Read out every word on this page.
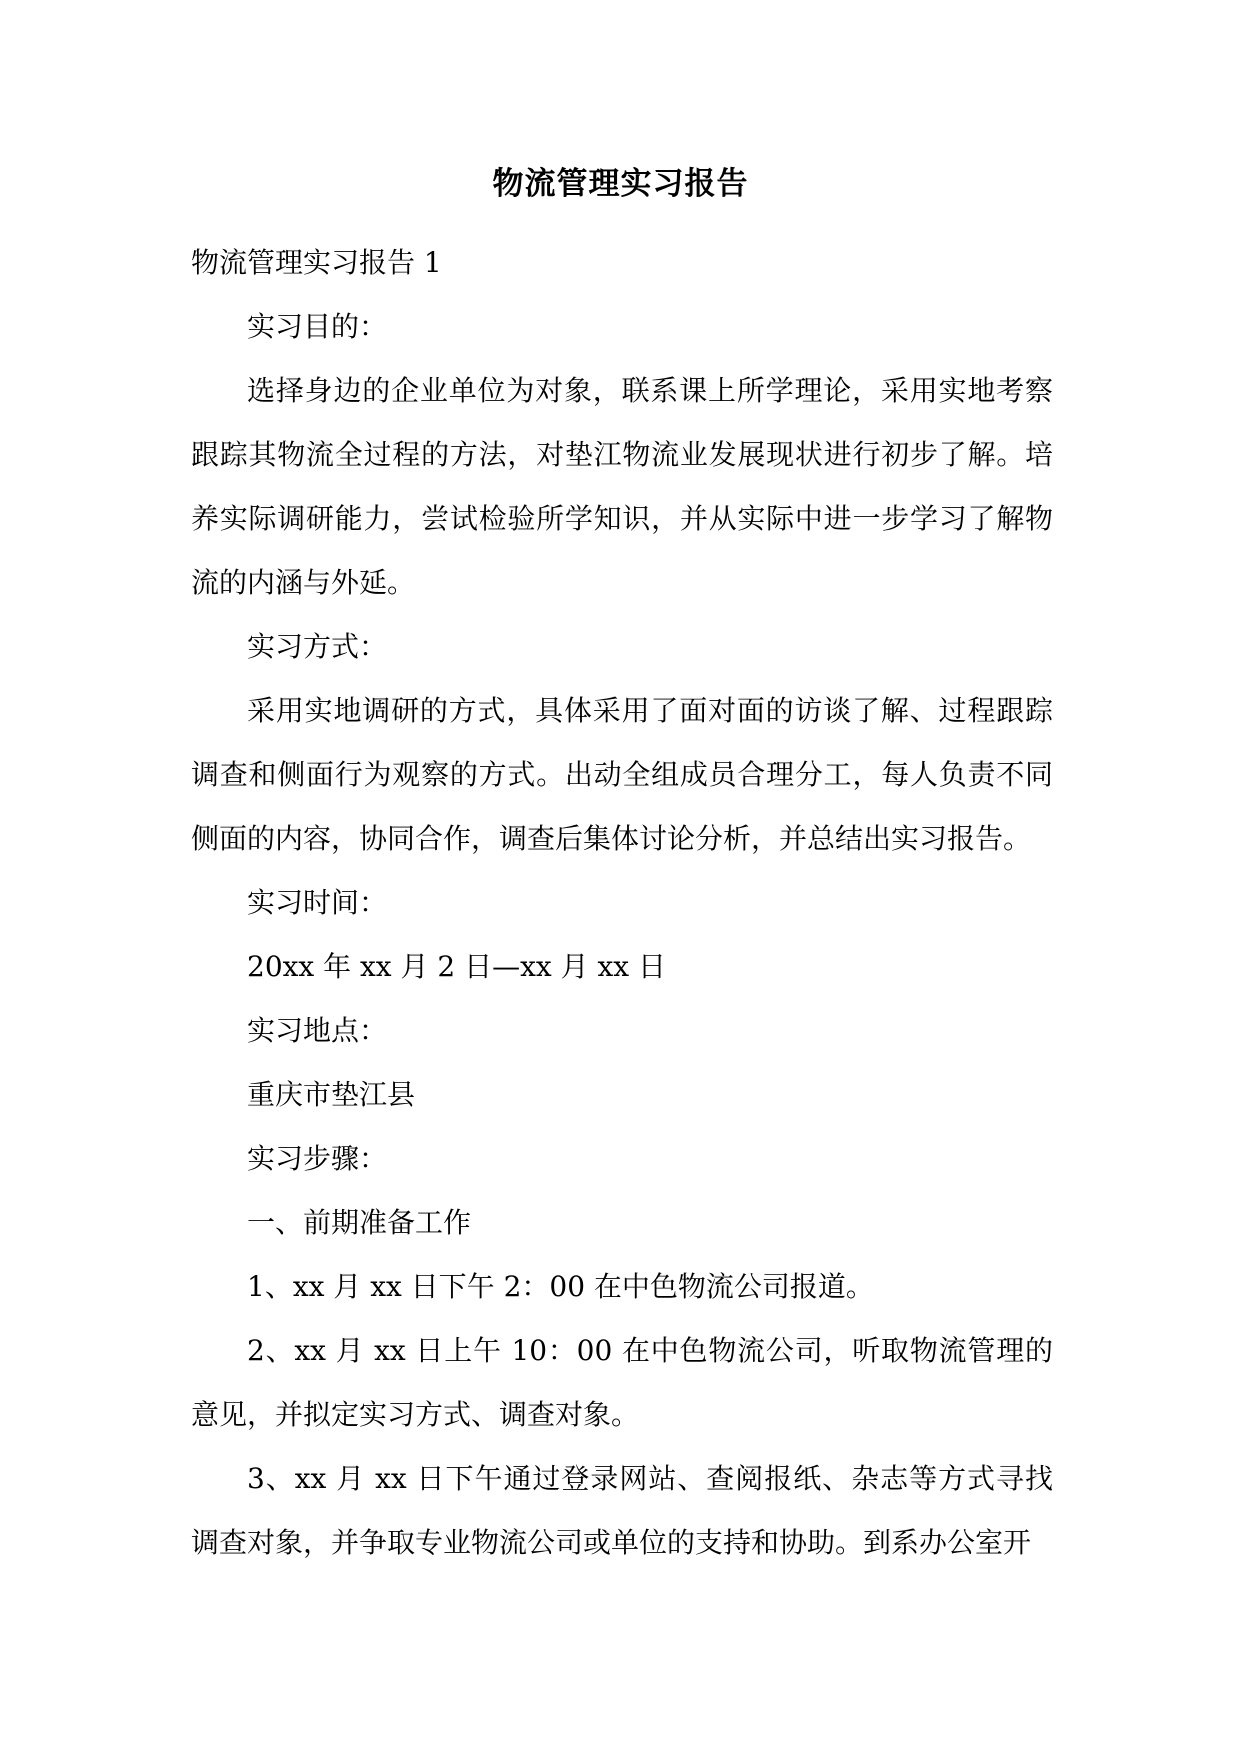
物流管理实习报告

物流管理实习报告 1

实习目的：

选择身边的企业单位为对象，联系课上所学理论，采用实地考察跟踪其物流全过程的方法，对垫江物流业发展现状进行初步了解。培养实际调研能力，尝试检验所学知识，并从实际中进一步学习了解物流的内涵与外延。

实习方式：

采用实地调研的方式，具体采用了面对面的访谈了解、过程跟踪调查和侧面行为观察的方式。出动全组成员合理分工，每人负责不同侧面的内容，协同合作，调查后集体讨论分析，并总结出实习报告。

实习时间：

20xx 年 xx 月 2 日—xx 月 xx 日

实习地点：

重庆市垫江县

实习步骤：

一、前期准备工作

1、xx 月 xx 日下午 2：00 在中色物流公司报道。

2、xx 月 xx 日上午 10：00 在中色物流公司，听取物流管理的意见，并拟定实习方式、调查对象。

3、xx 月 xx 日下午通过登录网站、查阅报纸、杂志等方式寻找调查对象，并争取专业物流公司或单位的支持和协助。到系办公室开
